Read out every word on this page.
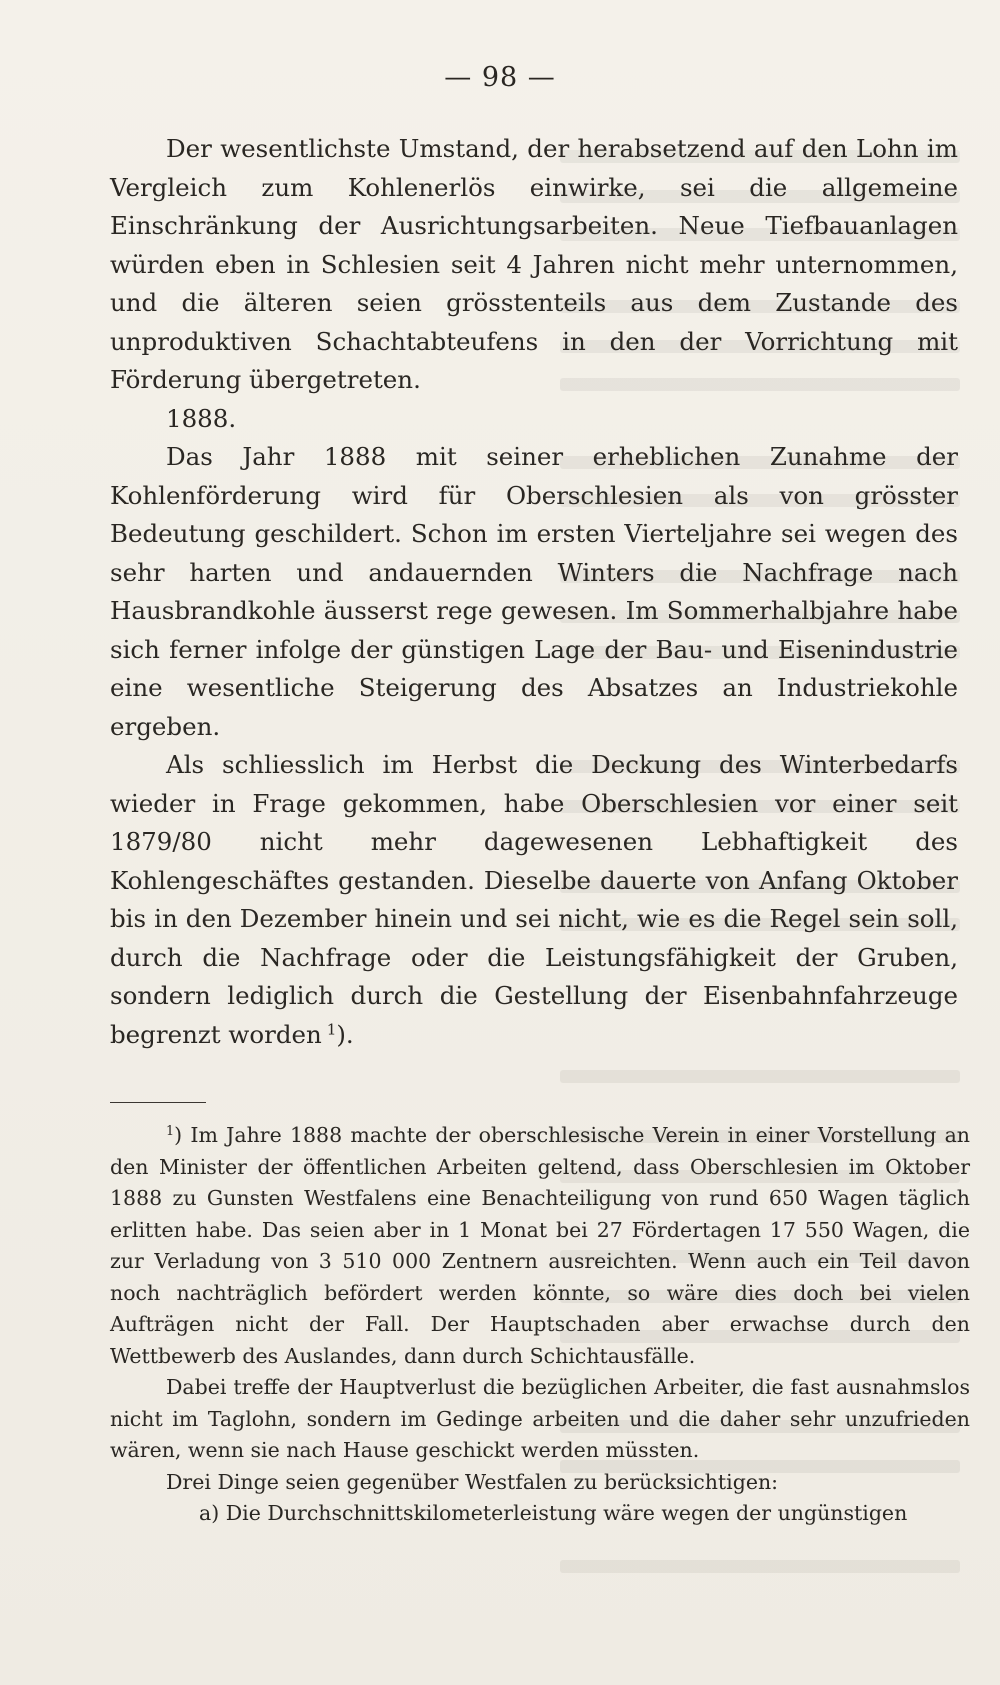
— 98 —

Der wesentlichste Umstand, der herabsetzend auf den Lohn im Vergleich zum Kohlenerlös einwirke, sei die allgemeine Einschränkung der Ausrichtungsarbeiten. Neue Tiefbauanlagen würden eben in Schlesien seit 4 Jahren nicht mehr unternommen, und die älteren seien grösstenteils aus dem Zustande des unproduktiven Schachtabteufens in den der Vorrichtung mit Förderung übergetreten.

1888.

Das Jahr 1888 mit seiner erheblichen Zunahme der Kohlenförderung wird für Oberschlesien als von grösster Bedeutung geschildert. Schon im ersten Vierteljahre sei wegen des sehr harten und andauernden Winters die Nachfrage nach Hausbrandkohle äusserst rege gewesen. Im Sommerhalbjahre habe sich ferner infolge der günstigen Lage der Bau- und Eisenindustrie eine wesentliche Steigerung des Absatzes an Industriekohle ergeben.

Als schliesslich im Herbst die Deckung des Winterbedarfs wieder in Frage gekommen, habe Oberschlesien vor einer seit 1879/80 nicht mehr dagewesenen Lebhaftigkeit des Kohlengeschäftes gestanden. Dieselbe dauerte von Anfang Oktober bis in den Dezember hinein und sei nicht, wie es die Regel sein soll, durch die Nachfrage oder die Leistungsfähigkeit der Gruben, sondern lediglich durch die Gestellung der Eisenbahnfahrzeuge begrenzt worden  $^1$).

$^1$) Im Jahre 1888 machte der oberschlesische Verein in einer Vorstellung an den Minister der öffentlichen Arbeiten geltend, dass Oberschlesien im Oktober 1888 zu Gunsten Westfalens eine Benachteiligung von rund 650 Wagen täglich erlitten habe. Das seien aber in 1 Monat bei 27 Fördertagen 17 550 Wagen, die zur Verladung von 3 510 000 Zentnern ausreichten. Wenn auch ein Teil davon noch nachträglich befördert werden könnte, so wäre dies doch bei vielen Aufträgen nicht der Fall. Der Hauptschaden aber erwachse durch den Wettbewerb des Auslandes, dann durch Schichtausfälle.

Dabei treffe der Hauptverlust die bezüglichen Arbeiter, die fast ausnahmslos nicht im Taglohn, sondern im Gedinge arbeiten und die daher sehr unzufrieden wären, wenn sie nach Hause geschickt werden müssten.

Drei Dinge seien gegenüber Westfalen zu berücksichtigen:

a) Die Durchschnittskilometerleistung wäre wegen der ungünstigen
